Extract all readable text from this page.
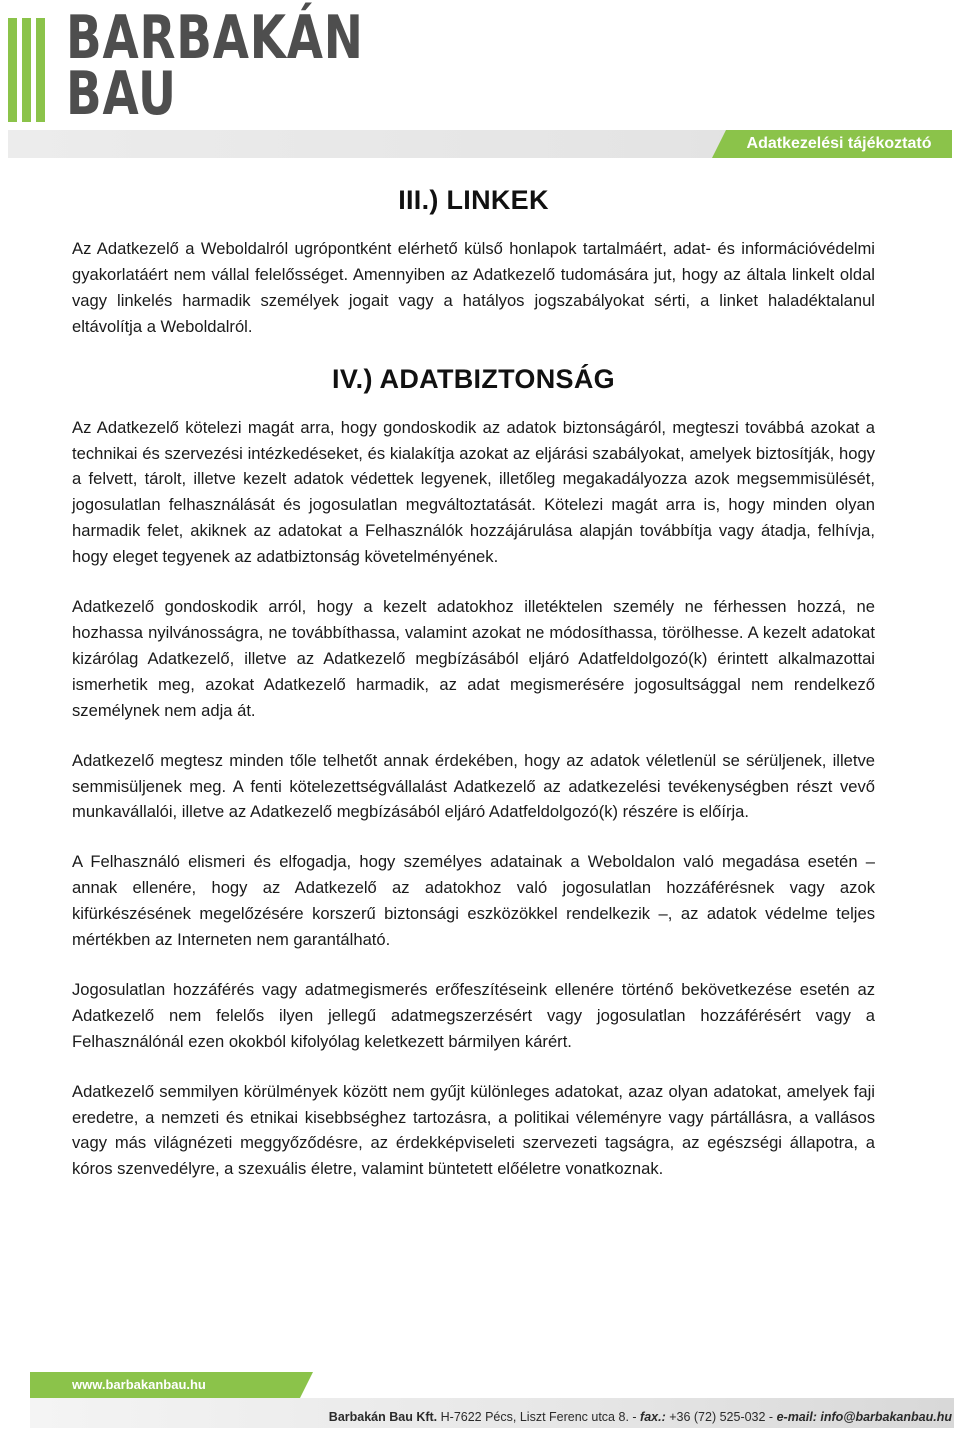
BARBAKÁN
BAU
Adatkezelési tájékoztató
III.) LINKEK

Az Adatkezelő a Weboldalról ugrópontként elérhető külső honlapok tartalmáért, adat- és információvédelmi gyakorlatáért nem vállal felelősséget. Amennyiben az Adatkezelő tudomására jut, hogy az általa linkelt oldal vagy linkelés harmadik személyek jogait vagy a hatályos jogszabályokat sérti, a linket haladéktalanul eltávolítja a Weboldalról.

IV.) ADATBIZTONSÁG

Az Adatkezelő kötelezi magát arra, hogy gondoskodik az adatok biztonságáról, megteszi továbbá azokat a technikai és szervezési intézkedéseket, és kialakítja azokat az eljárási szabályokat, amelyek biztosítják, hogy a felvett, tárolt, illetve kezelt adatok védettek legyenek, illetőleg megakadályozza azok megsemmisülését, jogosulatlan felhasználását és jogosulatlan megváltoztatását. Kötelezi magát arra is, hogy minden olyan harmadik felet, akiknek az adatokat a Felhasználók hozzájárulása alapján továbbítja vagy átadja, felhívja, hogy eleget tegyenek az adatbiztonság követelményének.

Adatkezelő gondoskodik arról, hogy a kezelt adatokhoz illetéktelen személy ne férhessen hozzá, ne hozhassa nyilvánosságra, ne továbbíthassa, valamint azokat ne módosíthassa, törölhesse. A kezelt adatokat kizárólag Adatkezelő, illetve az Adatkezelő megbízásából eljáró Adatfeldolgozó(k) érintett alkalmazottai ismerhetik meg, azokat Adatkezelő harmadik, az adat megismerésére jogosultsággal nem rendelkező személynek nem adja át.

Adatkezelő megtesz minden tőle telhetőt annak érdekében, hogy az adatok véletlenül se sérüljenek, illetve semmisüljenek meg. A fenti kötelezettségvállalást Adatkezelő az adatkezelési tevékenységben részt vevő munkavállalói, illetve az Adatkezelő megbízásából eljáró Adatfeldolgozó(k) részére is előírja.

A Felhasználó elismeri és elfogadja, hogy személyes adatainak a Weboldalon való megadása esetén – annak ellenére, hogy az Adatkezelő az adatokhoz való jogosulatlan hozzáférésnek vagy azok kifürkészésének megelőzésére korszerű biztonsági eszközökkel rendelkezik –, az adatok védelme teljes mértékben az Interneten nem garantálható.

Jogosulatlan hozzáférés vagy adatmegismerés erőfeszítéseink ellenére történő bekövetkezése esetén az Adatkezelő nem felelős ilyen jellegű adatmegszerzésért vagy jogosulatlan hozzáférésért vagy a Felhasználónál ezen okokból kifolyólag keletkezett bármilyen kárért.

Adatkezelő semmilyen körülmények között nem gyűjt különleges adatokat, azaz olyan adatokat, amelyek faji eredetre, a nemzeti és etnikai kisebbséghez tartozásra, a politikai véleményre vagy pártállásra, a vallásos vagy más világnézeti meggyőződésre, az érdekképviseleti szervezeti tagságra, az egészségi állapotra, a kóros szenvedélyre, a szexuális életre, valamint büntetett előéletre vonatkoznak.

www.barbakanbau.hu
Barbakán Bau Kft. H-7622 Pécs, Liszt Ferenc utca 8. - fax.: +36 (72) 525-032 - e-mail: info@barbakanbau.hu
